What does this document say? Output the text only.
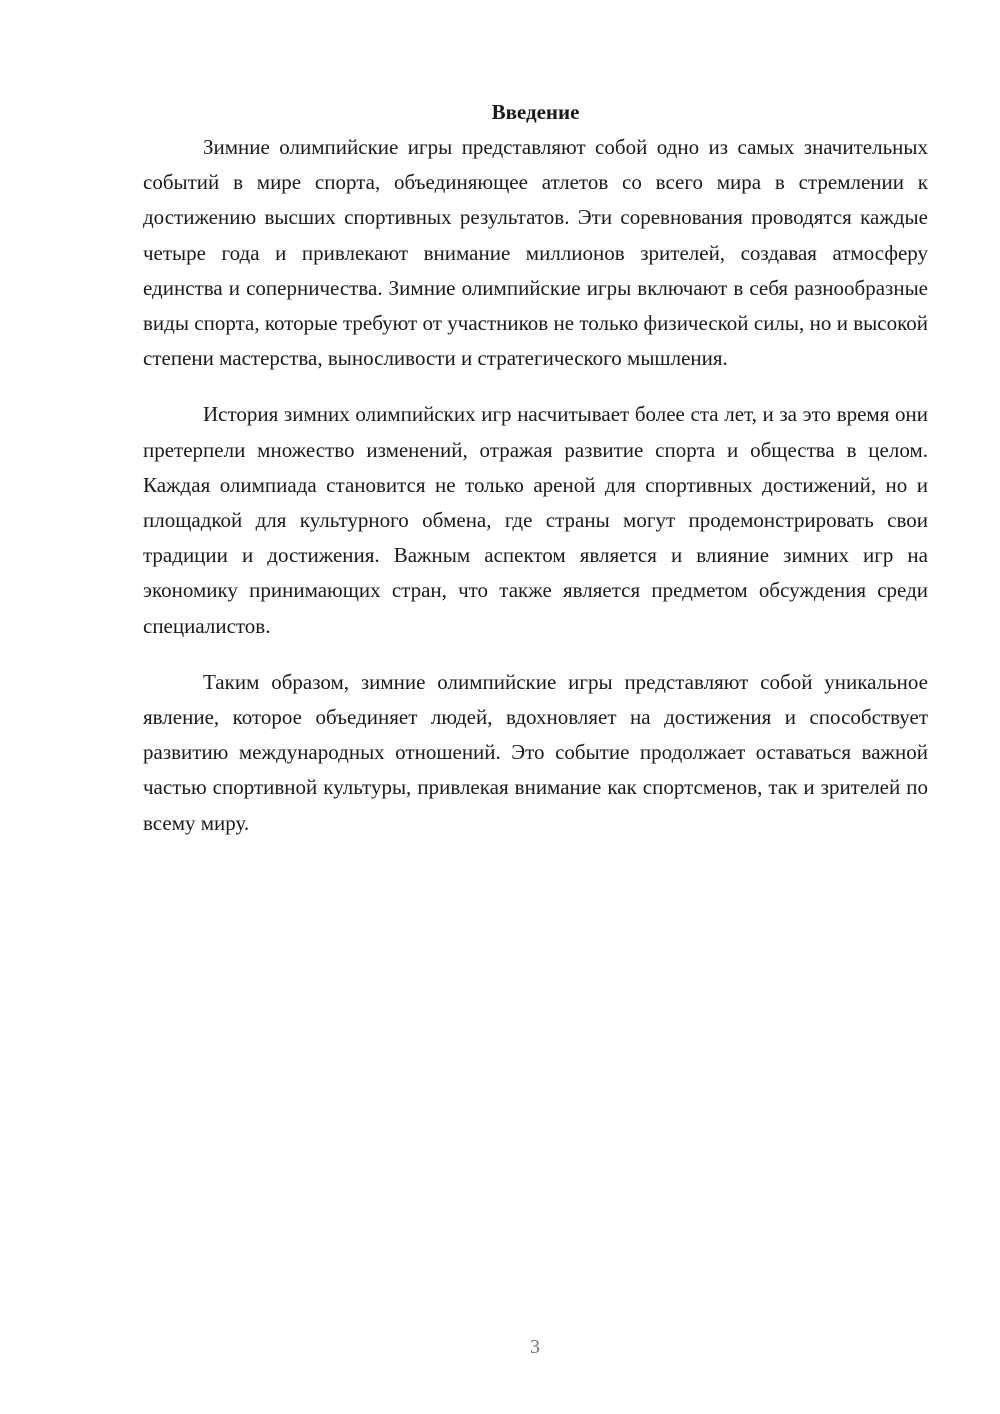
Введение

Зимние олимпийские игры представляют собой одно из самых значительных событий в мире спорта, объединяющее атлетов со всего мира в стремлении к достижению высших спортивных результатов. Эти соревнования проводятся каждые четыре года и привлекают внимание миллионов зрителей, создавая атмосферу единства и соперничества. Зимние олимпийские игры включают в себя разнообразные виды спорта, которые требуют от участников не только физической силы, но и высокой степени мастерства, выносливости и стратегического мышления.

История зимних олимпийских игр насчитывает более ста лет, и за это время они претерпели множество изменений, отражая развитие спорта и общества в целом. Каждая олимпиада становится не только ареной для спортивных достижений, но и площадкой для культурного обмена, где страны могут продемонстрировать свои традиции и достижения. Важным аспектом является и влияние зимних игр на экономику принимающих стран, что также является предметом обсуждения среди специалистов.

Таким образом, зимние олимпийские игры представляют собой уникальное явление, которое объединяет людей, вдохновляет на достижения и способствует развитию международных отношений. Это событие продолжает оставаться важной частью спортивной культуры, привлекая внимание как спортсменов, так и зрителей по всему миру.

3
